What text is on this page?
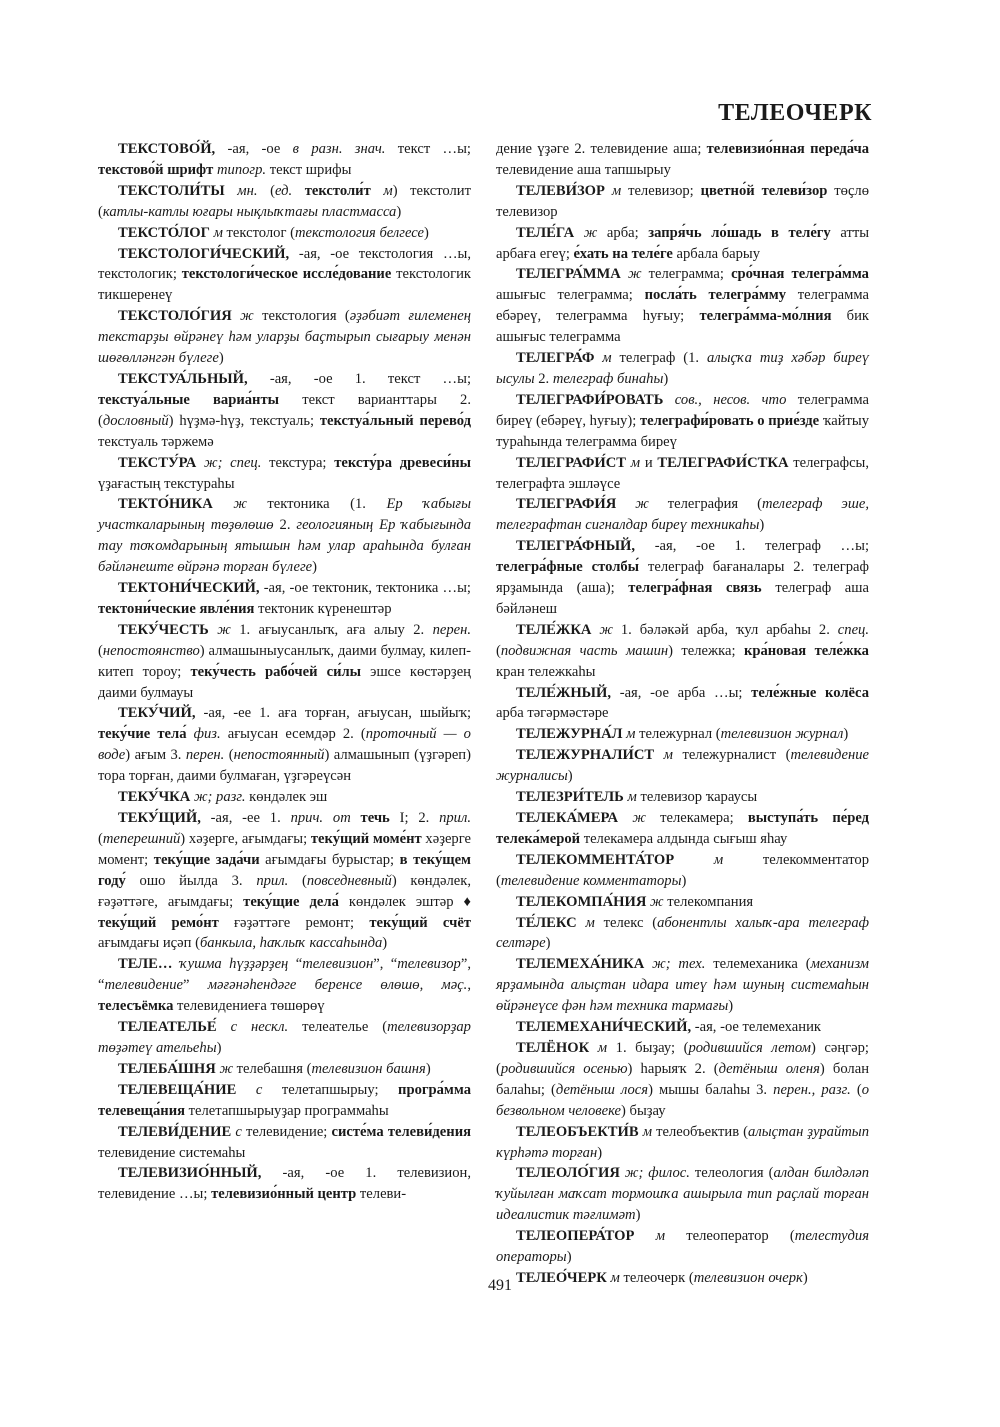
ТЕЛЕОЧЕРК

ТЕКСТОВО́Й, -ая, -ое в разн. знач. текст …ы; текстово́й шрифт типогр. текст шрифы

ТЕКСТОЛИ́ТЫ мн. (ед. текстоли́т м) текстолит (катлы-катлы юғары нықлыҡтағы пластмасса)

ТЕКСТО́ЛОГ м текстолог (текстология белгесе)

ТЕКСТОЛОГИ́ЧЕСКИЙ, -ая, -ое текстология …ы, текстологик; текстологи́ческое иссле́дование текстологик тикшеренеү

ТЕКСТОЛО́ГИЯ ж текстология (әҙәбиәт ғилеменең текстарҙы өйрәнеү һәм уларҙы баҫтырып сығарыу менән шөғөлләнгән бүлеге)

ТЕКСТУА́ЛЬНЫЙ, -ая, -ое 1. текст …ы; текстуа́льные вариа́нты текст варианттары 2. (дословный) һүҙмә-һүҙ, текстуаль; текстуа́льный перево́д текстуаль тәржемә

ТЕКСТУ́РА ж; спец. текстура; тексту́ра древеси́ны үҙағастың текстураһы

ТЕКТО́НИКА ж тектоника (1. Ер ҡабығы участкаларының төҙөлөшө 2. геологияның Ер ҡабығында тау тоҡомдарының ятышын һәм улар араһында булған бәйләнеште өйрәнә торған бүлеге)

ТЕКТОНИ́ЧЕСКИЙ, -ая, -ое тектоник, тектоника …ы; тектони́ческие явле́ния тектоник күренештәр

ТЕКУ́ЧЕСТЬ ж 1. ағыусанлыҡ, аға алыу 2. перен. (непостоянство) алмашыныусанлыҡ, даими булмау, килеп-китеп тороу; теку́честь рабо́чей си́лы эшсе көстәрҙең даими булмауы

ТЕКУ́ЧИЙ, -ая, -ее 1. аға торған, ағыусан, шыйыҡ; теку́чие тела́ физ. ағыусан есемдәр 2. (проточный — о воде) ағым 3. перен. (непостоянный) алмашынып (үҙгәреп) тора торған, даими булмаған, үҙгәреүсән

ТЕКУ́ЧКА ж; разг. көндәлек эш

ТЕКУ́ЩИЙ, -ая, -ее 1. прич. от течь I; 2. прил. (теперешний) хәҙерге, ағымдағы; теку́щий моме́нт хәҙерге момент; теку́щие зада́чи ағымдағы бурыстар; в теку́щем году́ ошо йылда 3. прил. (повседневный) көндәлек, ғәҙәттәге, ағымдағы; теку́щие дела́ көндәлек эштәр ♦ теку́щий ремо́нт ғәҙәттәге ремонт; теку́щий счёт ағымдағы иҫәп (банкыла, һаҡлыҡ кассаһында)

ТЕЛЕ… ҡушма һүҙҙәрҙең “телевизион”, “телевизор”, “телевидение” мәғәнәһендәге беренсе өлөшө, мәҫ., телесъёмка телевидениеға төшөрөү

ТЕЛЕАТЕЛЬЕ́ с нескл. телеателье (телевизорҙар төҙәтеү ательеһы)

ТЕЛЕБА́ШНЯ ж телебашня (телевизион башня)

ТЕЛЕВЕЩА́НИЕ с телетапшырыу; програ́мма телевеща́ния телетапшырыуҙар программаһы

ТЕЛЕВИ́ДЕНИЕ с телевидение; систе́ма телеви́дения телевидение системаһы

ТЕЛЕВИЗИО́ННЫЙ, -ая, -ое 1. телевизион, телевидение …ы; телевизио́нный центр телеви-

дение үҙәге 2. телевидение аша; телевизио́нная переда́ча телевидение аша тапшырыу

ТЕЛЕВИ́ЗОР м телевизор; цветно́й телеви́зор төҫлө телевизор

ТЕЛЕ́ГА ж арба; запря́чь ло́шадь в теле́гу атты арбаға егеү; е́хать на теле́ге арбала барыу

ТЕЛЕГРА́ММА ж телеграмма; сро́чная телегра́мма ашығыс телеграмма; посла́ть телегра́мму телеграмма ебәреү, телеграмма һуғыу; телегра́мма-мо́лния бик ашығыс телеграмма

ТЕЛЕГРА́Ф м телеграф (1. алыҫҡа тиҙ хәбәр биреү ысулы 2. телеграф бинаһы)

ТЕЛЕГРАФИ́РОВАТЬ сов., несов. что телеграмма биреү (ебәреү, һуғыу); телеграфи́ровать о прие́зде ҡайтыу тураһында телеграмма биреү

ТЕЛЕГРАФИ́СТ м и ТЕЛЕГРАФИ́СТКА телеграфсы, телеграфта эшләүсе

ТЕЛЕГРАФИ́Я ж телеграфия (телеграф эше, телеграфтан сигналдар биреү техникаһы)

ТЕЛЕГРА́ФНЫЙ, -ая, -ое 1. телеграф …ы; телегра́фные столбы́ телеграф бағаналары 2. телеграф ярҙамында (аша); телегра́фная связь телеграф аша бәйләнеш

ТЕЛЕ́ЖКА ж 1. бәләкәй арба, ҡул арбаһы 2. спец. (подвижная часть машин) тележка; кра́новая теле́жка кран тележкаһы

ТЕЛЕ́ЖНЫЙ, -ая, -ое арба …ы; теле́жные колёса арба тәгәрмәстәре

ТЕЛЕЖУРНА́Л м тележурнал (телевизион журнал)

ТЕЛЕЖУРНАЛИ́СТ м тележурналист (телевидение журналисы)

ТЕЛЕЗРИ́ТЕЛЬ м телевизор ҡараусы

ТЕЛЕКА́МЕРА ж телекамера; выступа́ть пе́ред телека́мерой телекамера алдында сығыш яһау

ТЕЛЕКОММЕНТА́ТОР	м телекомментатор (телевидение комментаторы)

ТЕЛЕКОМПА́НИЯ ж телекомпания

ТЕ́ЛЕКС м телекс (абонентлы халыҡ-ара телеграф селтәре)

ТЕЛЕМЕХА́НИКА ж; тех. телемеханика (механизм ярҙамында алыҫтан идара итеү һәм шуның системаһын өйрәнеүсе фән һәм техника тармағы)

ТЕЛЕМЕХАНИ́ЧЕСКИЙ, -ая, -ое телемеханик

ТЕЛЁНОК м 1. быҙау; (родившийся летом) сәңгәр; (родившийся осенью) һарыяҡ 2. (детёныш оленя) болан балаһы; (детёныш лося) мышы балаһы 3. перен., разг. (о безвольном человеке) быҙау

ТЕЛЕОБЪЕКТИ́В м телеобъектив (алыҫтан ҙурайтып күрһәтә торған)

ТЕЛЕОЛО́ГИЯ ж; филос. телеология (алдан билдәләп ҡуйылған маҡсат тормошҡа ашырыла тип раҫлай торған идеалистик тәғлимәт)

ТЕЛЕОПЕРА́ТОР м телеоператор (телестудия операторы)

ТЕЛЕО́ЧЕРК м телеочерк (телевизион очерк)

491
